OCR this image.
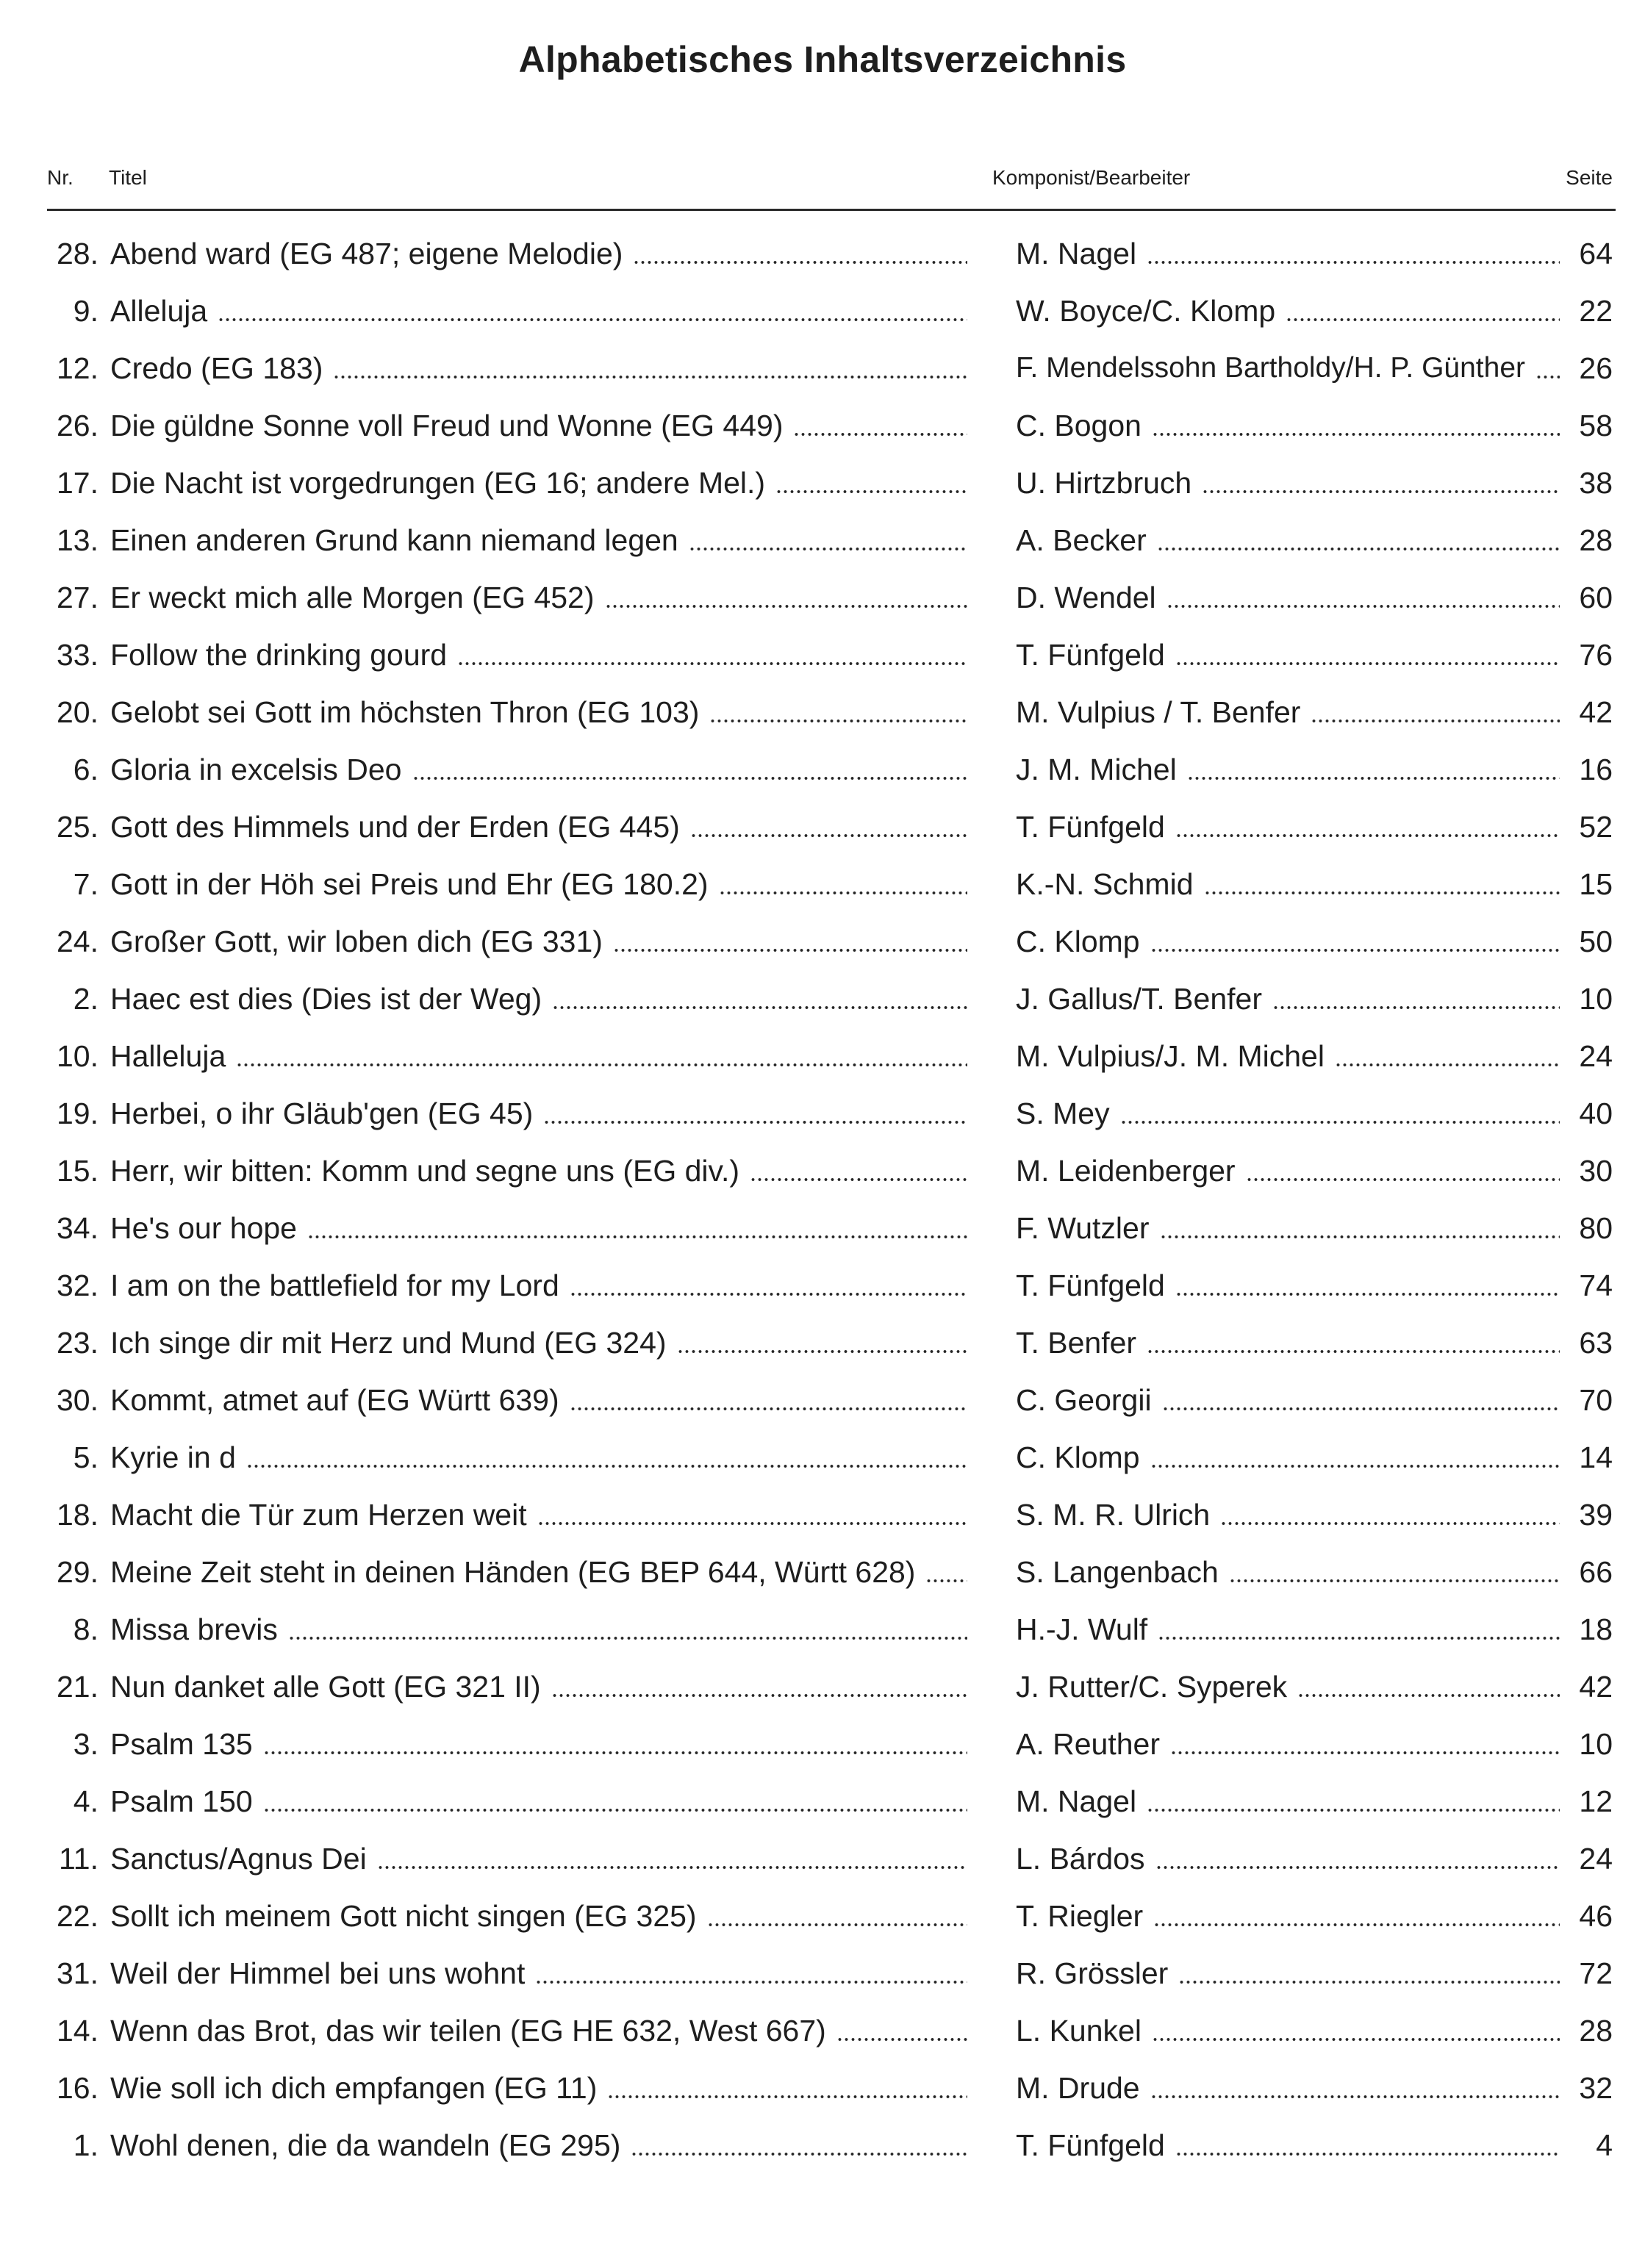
Alphabetisches Inhaltsverzeichnis
Nr. Titel	Komponist/Bearbeiter	Seite
28. Abend ward (EG 487; eigene Melodie)	M. Nagel	64
9. Alleluja	W. Boyce/C. Klomp	22
12. Credo (EG 183)	F. Mendelssohn Bartholdy/H. P. Günther	26
26. Die güldne Sonne voll Freud und Wonne (EG 449)	C. Bogon	58
17. Die Nacht ist vorgedrungen (EG 16; andere Mel.)	U. Hirtzbruch	38
13. Einen anderen Grund kann niemand legen	A. Becker	28
27. Er weckt mich alle Morgen (EG 452)	D. Wendel	60
33. Follow the drinking gourd	T. Fünfgeld	76
20. Gelobt sei Gott im höchsten Thron (EG 103)	M. Vulpius / T. Benfer	42
6. Gloria in excelsis Deo	J. M. Michel	16
25. Gott des Himmels und der Erden (EG 445)	T. Fünfgeld	52
7. Gott in der Höh sei Preis und Ehr (EG 180.2)	K.-N. Schmid	15
24. Großer Gott, wir loben dich (EG 331)	C. Klomp	50
2. Haec est dies (Dies ist der Weg)	J. Gallus/T. Benfer	10
10. Halleluja	M. Vulpius/J. M. Michel	24
19. Herbei, o ihr Gläub'gen (EG 45)	S. Mey	40
15. Herr, wir bitten: Komm und segne uns (EG div.)	M. Leidenberger	30
34. He's our hope	F. Wutzler	80
32. I am on the battlefield for my Lord	T. Fünfgeld	74
23. Ich singe dir mit Herz und Mund (EG 324)	T. Benfer	63
30. Kommt, atmet auf (EG Württ 639)	C. Georgii	70
5. Kyrie in d	C. Klomp	14
18. Macht die Tür zum Herzen weit	S. M. R. Ulrich	39
29. Meine Zeit steht in deinen Händen (EG BEP 644, Württ 628)	S. Langenbach	66
8. Missa brevis	H.-J. Wulf	18
21. Nun danket alle Gott (EG 321 II)	J. Rutter/C. Syperek	42
3. Psalm 135	A. Reuther	10
4. Psalm 150	M. Nagel	12
11. Sanctus/Agnus Dei	L. Bárdos	24
22. Sollt ich meinem Gott nicht singen (EG 325)	T. Riegler	46
31. Weil der Himmel bei uns wohnt	R. Grössler	72
14. Wenn das Brot, das wir teilen (EG HE 632, West 667)	L. Kunkel	28
16. Wie soll ich dich empfangen (EG 11)	M. Drude	32
1. Wohl denen, die da wandeln (EG 295)	T. Fünfgeld	4
